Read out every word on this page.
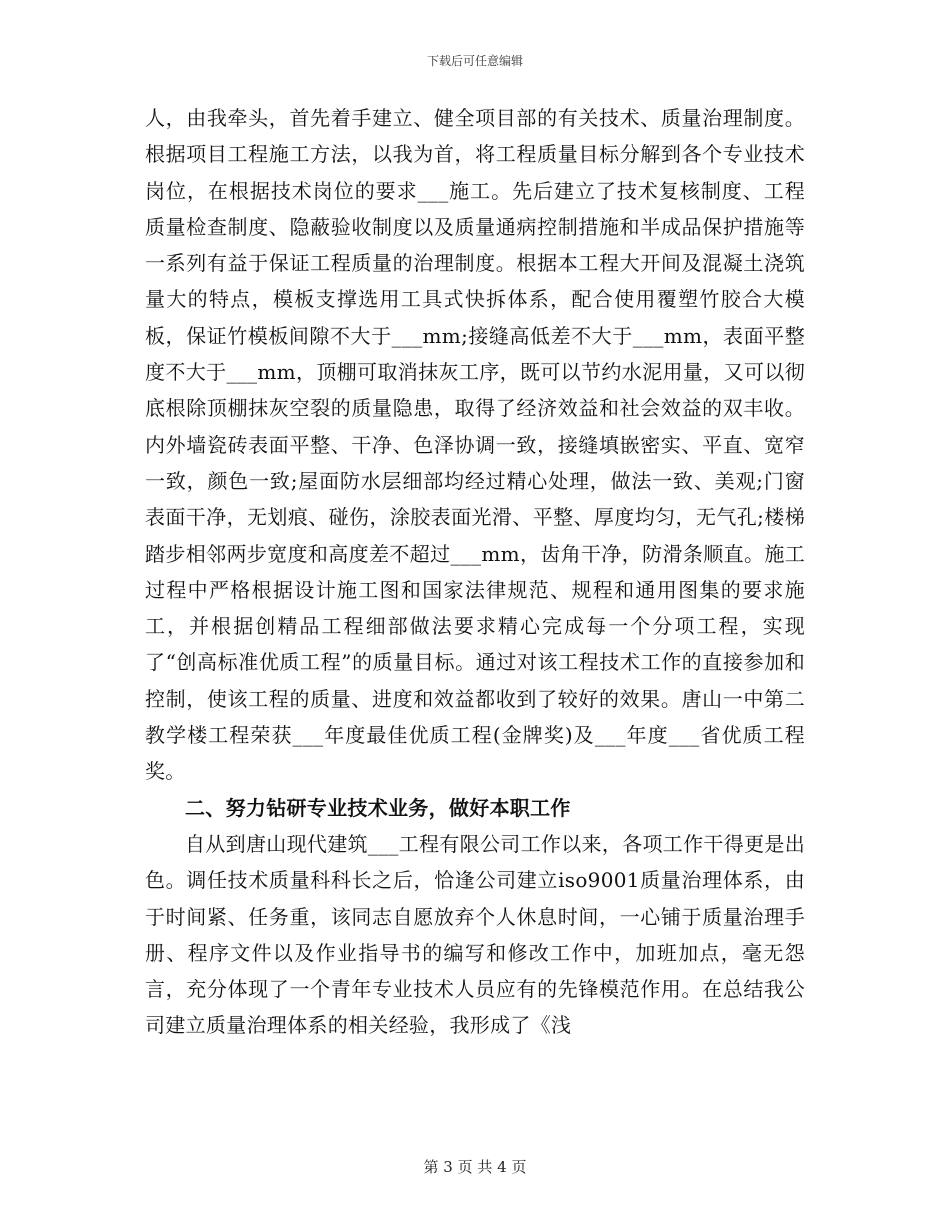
下载后可任意编辑

人，由我牵头，首先着手建立、健全项目部的有关技术、质量治理制度。根据项目工程施工方法，以我为首，将工程质量目标分解到各个专业技术岗位，在根据技术岗位的要求___施工。先后建立了技术复核制度、工程质量检查制度、隐蔽验收制度以及质量通病控制措施和半成品保护措施等一系列有益于保证工程质量的治理制度。根据本工程大开间及混凝土浇筑量大的特点，模板支撑选用工具式快拆体系，配合使用覆塑竹胶合大模板，保证竹模板间隙不大于___mm;接缝高低差不大于___mm，表面平整度不大于___mm，顶棚可取消抹灰工序，既可以节约水泥用量，又可以彻底根除顶棚抹灰空裂的质量隐患，取得了经济效益和社会效益的双丰收。内外墙瓷砖表面平整、干净、色泽协调一致，接缝填嵌密实、平直、宽窄一致，颜色一致;屋面防水层细部均经过精心处理，做法一致、美观;门窗表面干净，无划痕、碰伤，涂胶表面光滑、平整、厚度均匀，无气孔;楼梯踏步相邻两步宽度和高度差不超过___mm，齿角干净，防滑条顺直。施工过程中严格根据设计施工图和国家法律规范、规程和通用图集的要求施工，并根据创精品工程细部做法要求精心完成每一个分项工程，实现了“创高标准优质工程”的质量目标。通过对该工程技术工作的直接参加和控制，使该工程的质量、进度和效益都收到了较好的效果。唐山一中第二教学楼工程荣获___年度最佳优质工程(金牌奖)及___年度___省优质工程奖。

二、努力钻研专业技术业务，做好本职工作

自从到唐山现代建筑___工程有限公司工作以来，各项工作干得更是出色。调任技术质量科科长之后，恰逢公司建立iso9001质量治理体系，由于时间紧、任务重，该同志自愿放弃个人休息时间，一心铺于质量治理手册、程序文件以及作业指导书的编写和修改工作中，加班加点，毫无怨言，充分体现了一个青年专业技术人员应有的先锋模范作用。在总结我公司建立质量治理体系的相关经验，我形成了《浅

第 3 页 共 4 页
